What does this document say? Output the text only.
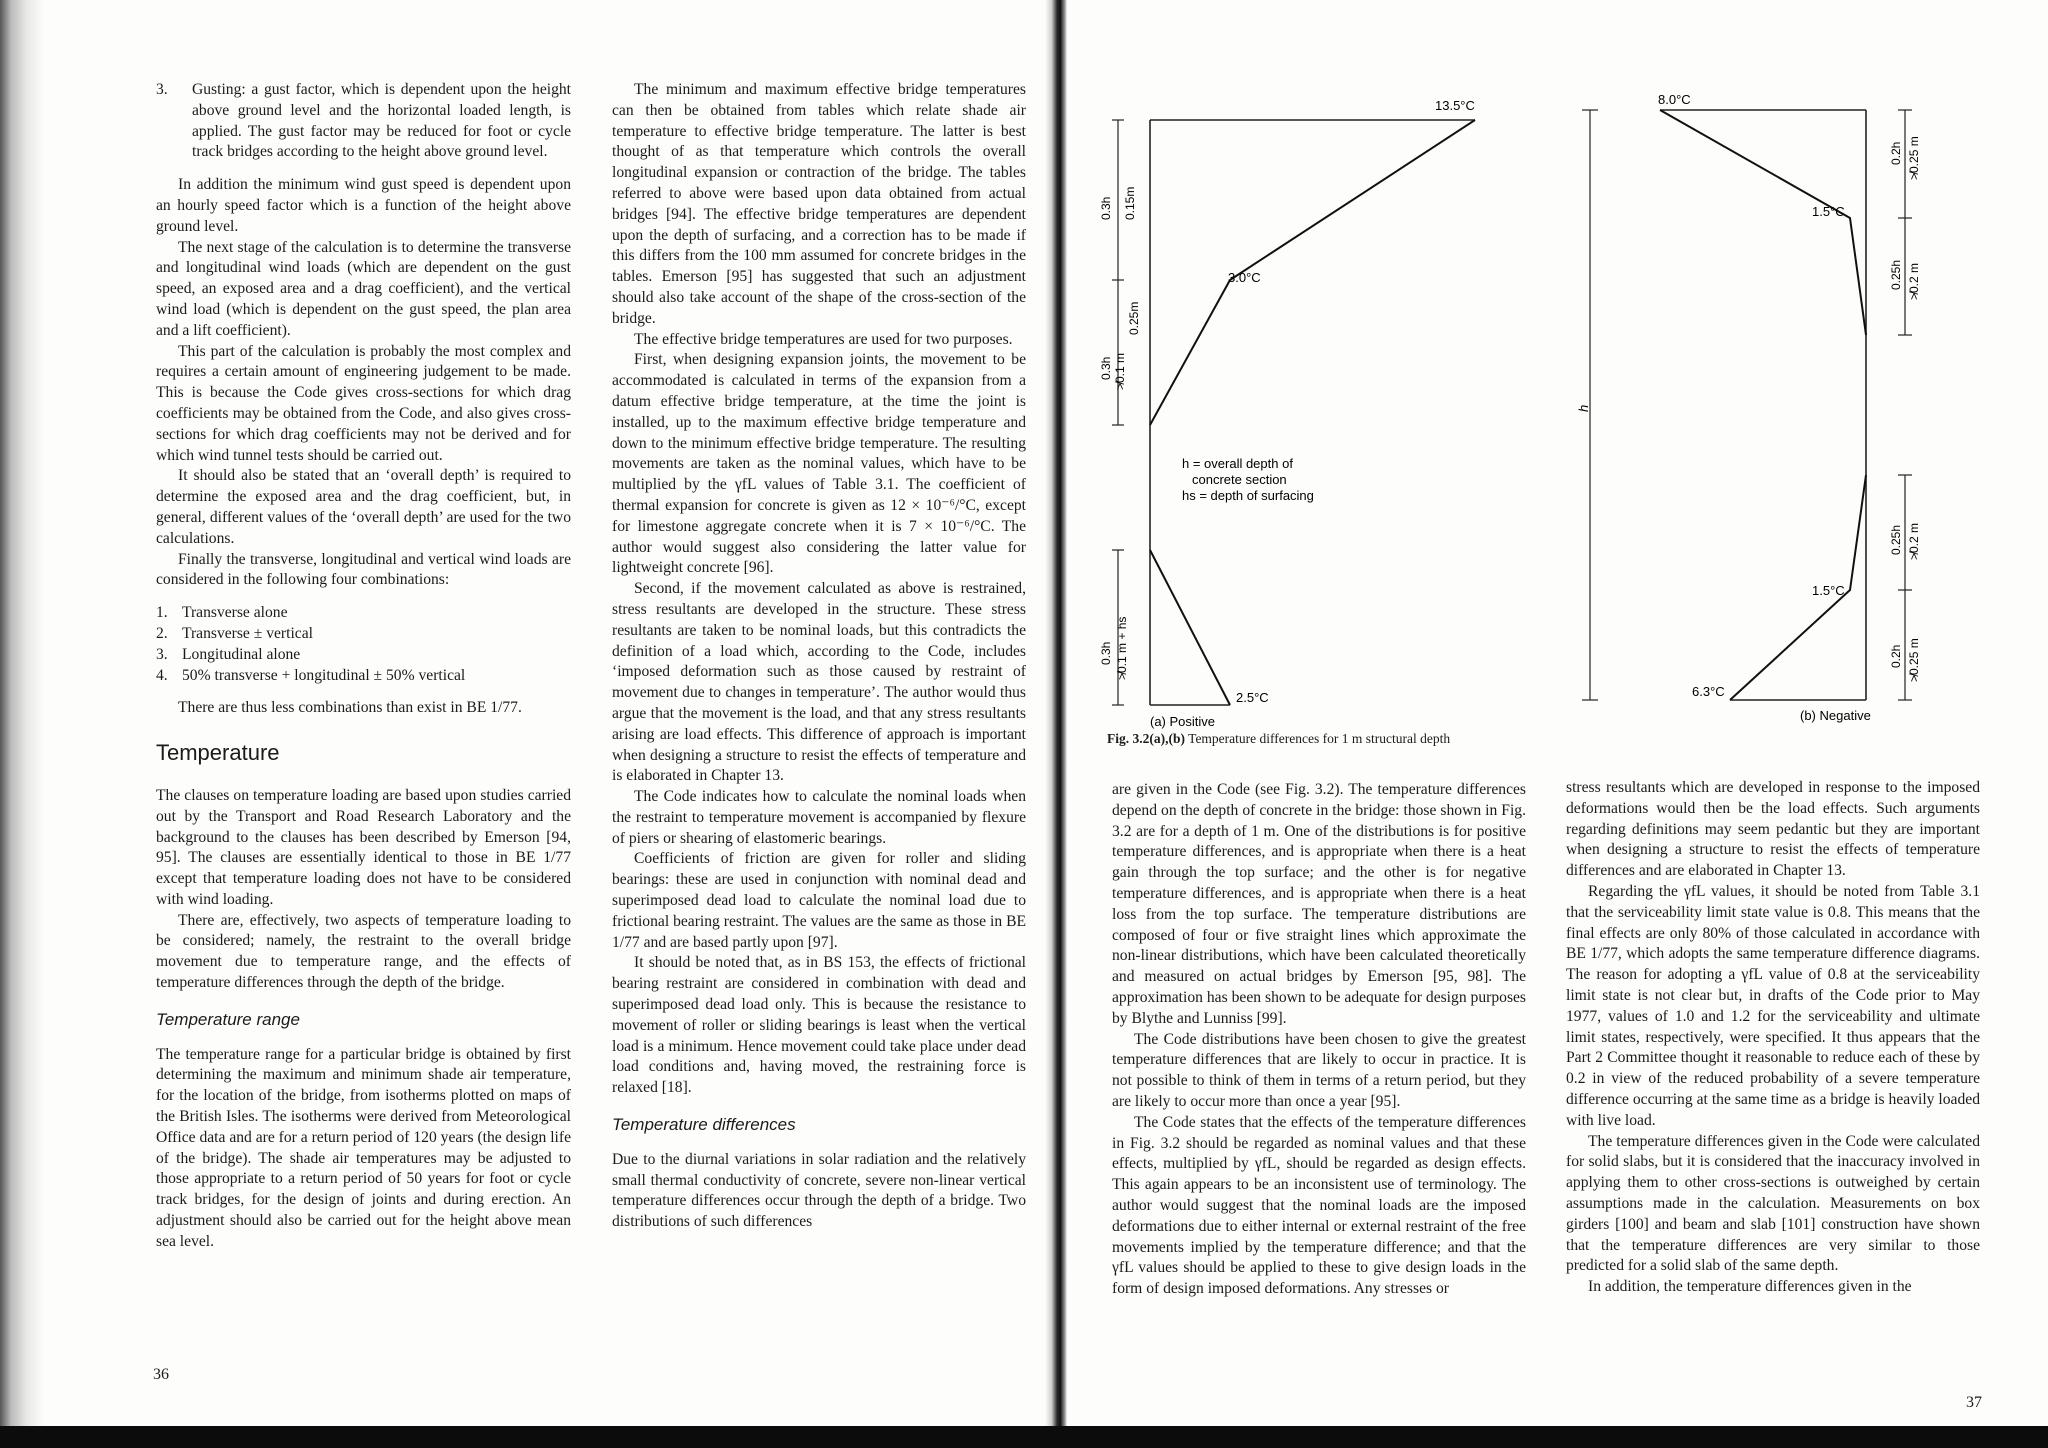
3. Gusting: a gust factor, which is dependent upon the height above ground level and the horizontal loaded length, is applied. The gust factor may be reduced for foot or cycle track bridges according to the height above ground level.

In addition the minimum wind gust speed is dependent upon an hourly speed factor which is a function of the height above ground level.

The next stage of the calculation is to determine the transverse and longitudinal wind loads (which are dependent on the gust speed, an exposed area and a drag coefficient), and the vertical wind load (which is dependent on the gust speed, the plan area and a lift coefficient).

This part of the calculation is probably the most complex and requires a certain amount of engineering judgement to be made. This is because the Code gives cross-sections for which drag coefficients may be obtained from the Code, and also gives cross-sections for which drag coefficients may not be derived and for which wind tunnel tests should be carried out.

It should also be stated that an ‘overall depth’ is required to determine the exposed area and the drag coefficient, but, in general, different values of the ‘overall depth’ are used for the two calculations.

Finally the transverse, longitudinal and vertical wind loads are considered in the following four combinations:

1. Transverse alone
2. Transverse ± vertical
3. Longitudinal alone
4. 50% transverse + longitudinal ± 50% vertical

There are thus less combinations than exist in BE 1/77.

Temperature

The clauses on temperature loading are based upon studies carried out by the Transport and Road Research Laboratory and the background to the clauses has been described by Emerson [94, 95]. The clauses are essentially identical to those in BE 1/77 except that temperature loading does not have to be considered with wind loading.

There are, effectively, two aspects of temperature loading to be considered; namely, the restraint to the overall bridge movement due to temperature range, and the effects of temperature differences through the depth of the bridge.

Temperature range

The temperature range for a particular bridge is obtained by first determining the maximum and minimum shade air temperature, for the location of the bridge, from isotherms plotted on maps of the British Isles. The isotherms were derived from Meteorological Office data and are for a return period of 120 years (the design life of the bridge). The shade air temperatures may be adjusted to those appropriate to a return period of 50 years for foot or cycle track bridges, for the design of joints and during erection. An adjustment should also be carried out for the height above mean sea level.

36

The minimum and maximum effective bridge temperatures can then be obtained from tables which relate shade air temperature to effective bridge temperature. The latter is best thought of as that temperature which controls the overall longitudinal expansion or contraction of the bridge. The tables referred to above were based upon data obtained from actual bridges [94]. The effective bridge temperatures are dependent upon the depth of surfacing, and a correction has to be made if this differs from the 100 mm assumed for concrete bridges in the tables. Emerson [95] has suggested that such an adjustment should also take account of the shape of the cross-section of the bridge.

The effective bridge temperatures are used for two purposes.

First, when designing expansion joints, the movement to be accommodated is calculated in terms of the expansion from a datum effective bridge temperature, at the time the joint is installed, up to the maximum effective bridge temperature and down to the minimum effective bridge temperature. The resulting movements are taken as the nominal values, which have to be multiplied by the γfL values of Table 3.1. The coefficient of thermal expansion for concrete is given as 12 × 10⁻⁶/°C, except for limestone aggregate concrete when it is 7 × 10⁻⁶/°C. The author would suggest also considering the latter value for lightweight concrete [96].

Second, if the movement calculated as above is restrained, stress resultants are developed in the structure. These stress resultants are taken to be nominal loads, but this contradicts the definition of a load which, according to the Code, includes ‘imposed deformation such as those caused by restraint of movement due to changes in temperature’. The author would thus argue that the movement is the load, and that any stress resultants arising are load effects. This difference of approach is important when designing a structure to resist the effects of temperature and is elaborated in Chapter 13.

The Code indicates how to calculate the nominal loads when the restraint to temperature movement is accompanied by flexure of piers or shearing of elastomeric bearings.

Coefficients of friction are given for roller and sliding bearings: these are used in conjunction with nominal dead and superimposed dead load to calculate the nominal load due to frictional bearing restraint. The values are the same as those in BE 1/77 and are based partly upon [97].

It should be noted that, as in BS 153, the effects of frictional bearing restraint are considered in combination with dead and superimposed dead load only. This is because the resistance to movement of roller or sliding bearings is least when the vertical load is a minimum. Hence movement could take place under dead load conditions and, having moved, the restraining force is relaxed [18].

Temperature differences

Due to the diurnal variations in solar radiation and the relatively small thermal conductivity of concrete, severe non-linear vertical temperature differences occur through the depth of a bridge. Two distributions of such differences

13.5°C
3.0°C
2.5°C
0.3h 0.15m
0.3h ≯0.1 m
0.25m
0.3h ≯0.1 m + hs
h = overall depth of
concrete section
hs = depth of surfacing
(a) Positive
h
8.0°C
1.5°C
1.5°C
6.3°C
0.2h ≯0.25 m
0.25h ≯0.2 m
0.25h ≯0.2 m
0.2h ≯0.25 m
(b) Negative
Fig. 3.2(a),(b) Temperature differences for 1 m structural depth

are given in the Code (see Fig. 3.2). The temperature differences depend on the depth of concrete in the bridge: those shown in Fig. 3.2 are for a depth of 1 m. One of the distributions is for positive temperature differences, and is appropriate when there is a heat gain through the top surface; and the other is for negative temperature differences, and is appropriate when there is a heat loss from the top surface. The temperature distributions are composed of four or five straight lines which approximate the non-linear distributions, which have been calculated theoretically and measured on actual bridges by Emerson [95, 98]. The approximation has been shown to be adequate for design purposes by Blythe and Lunniss [99].

The Code distributions have been chosen to give the greatest temperature differences that are likely to occur in practice. It is not possible to think of them in terms of a return period, but they are likely to occur more than once a year [95].

The Code states that the effects of the temperature differences in Fig. 3.2 should be regarded as nominal values and that these effects, multiplied by γfL, should be regarded as design effects. This again appears to be an inconsistent use of terminology. The author would suggest that the nominal loads are the imposed deformations due to either internal or external restraint of the free movements implied by the temperature difference; and that the γfL values should be applied to these to give design loads in the form of design imposed deformations. Any stresses or

stress resultants which are developed in response to the imposed deformations would then be the load effects. Such arguments regarding definitions may seem pedantic but they are important when designing a structure to resist the effects of temperature differences and are elaborated in Chapter 13.

Regarding the γfL values, it should be noted from Table 3.1 that the serviceability limit state value is 0.8. This means that the final effects are only 80% of those calculated in accordance with BE 1/77, which adopts the same temperature difference diagrams. The reason for adopting a γfL value of 0.8 at the serviceability limit state is not clear but, in drafts of the Code prior to May 1977, values of 1.0 and 1.2 for the serviceability and ultimate limit states, respectively, were specified. It thus appears that the Part 2 Committee thought it reasonable to reduce each of these by 0.2 in view of the reduced probability of a severe temperature difference occurring at the same time as a bridge is heavily loaded with live load.

The temperature differences given in the Code were calculated for solid slabs, but it is considered that the inaccuracy involved in applying them to other cross-sections is outweighed by certain assumptions made in the calculation. Measurements on box girders [100] and beam and slab [101] construction have shown that the temperature differences are very similar to those predicted for a solid slab of the same depth.

In addition, the temperature differences given in the

37
